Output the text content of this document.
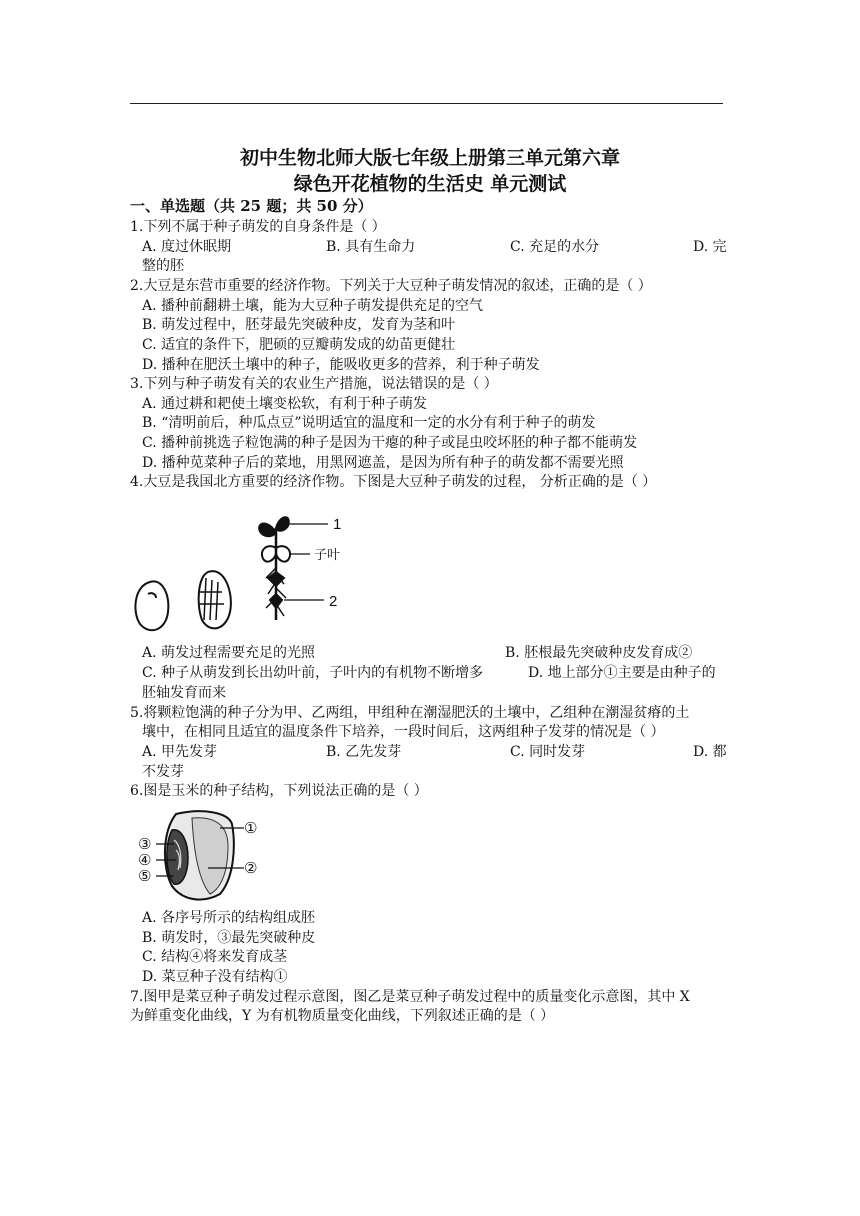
初中生物北师大版七年级上册第三单元第六章
绿色开花植物的生活史 单元测试
一、单选题（共 25 题；共 50 分）
1.下列不属于种子萌发的自身条件是（ ）
A. 度过休眠期	B. 具有生命力	C. 充足的水分	D. 完
整的胚
2.大豆是东营市重要的经济作物。下列关于大豆种子萌发情况的叙述，正确的是（ ）
A. 播种前翻耕土壤，能为大豆种子萌发提供充足的空气
B. 萌发过程中，胚芽最先突破种皮，发育为茎和叶
C. 适宜的条件下，肥硕的豆瓣萌发成的幼苗更健壮
D. 播种在肥沃土壤中的种子，能吸收更多的营养，利于种子萌发
3.下列与种子萌发有关的农业生产措施，说法错误的是（ ）
A. 通过耕和耙使土壤变松软，有利于种子萌发
B. “清明前后，种瓜点豆”说明适宜的温度和一定的水分有利于种子的萌发
C. 播种前挑选子粒饱满的种子是因为干瘪的种子或昆虫咬坏胚的种子都不能萌发
D. 播种苋菜种子后的菜地，用黑网遮盖，是因为所有种子的萌发都不需要光照
4.大豆是我国北方重要的经济作物。下图是大豆种子萌发的过程， 分析正确的是（ ）
1
子叶
2
A. 萌发过程需要充足的光照	B. 胚根最先突破种皮发育成②
C. 种子从萌发到长出幼叶前，子叶内的有机物不断增多	D. 地上部分①主要是由种子的
胚轴发育而来
5.将颗粒饱满的种子分为甲、乙两组，甲组种在潮湿肥沃的土壤中，乙组种在潮湿贫瘠的土
壤中，在相同且适宜的温度条件下培养，一段时间后，这两组种子发芽的情况是（ ）
A. 甲先发芽	B. 乙先发芽	C. 同时发芽	D. 都
不发芽
6.图是玉米的种子结构，下列说法正确的是（ ）
①
②
③
④
⑤
A. 各序号所示的结构组成胚
B. 萌发时，③最先突破种皮
C. 结构④将来发育成茎
D. 菜豆种子没有结构①
7.图甲是菜豆种子萌发过程示意图，图乙是菜豆种子萌发过程中的质量变化示意图，其中 X
为鲜重变化曲线，Y 为有机物质量变化曲线，下列叙述正确的是（ ）
